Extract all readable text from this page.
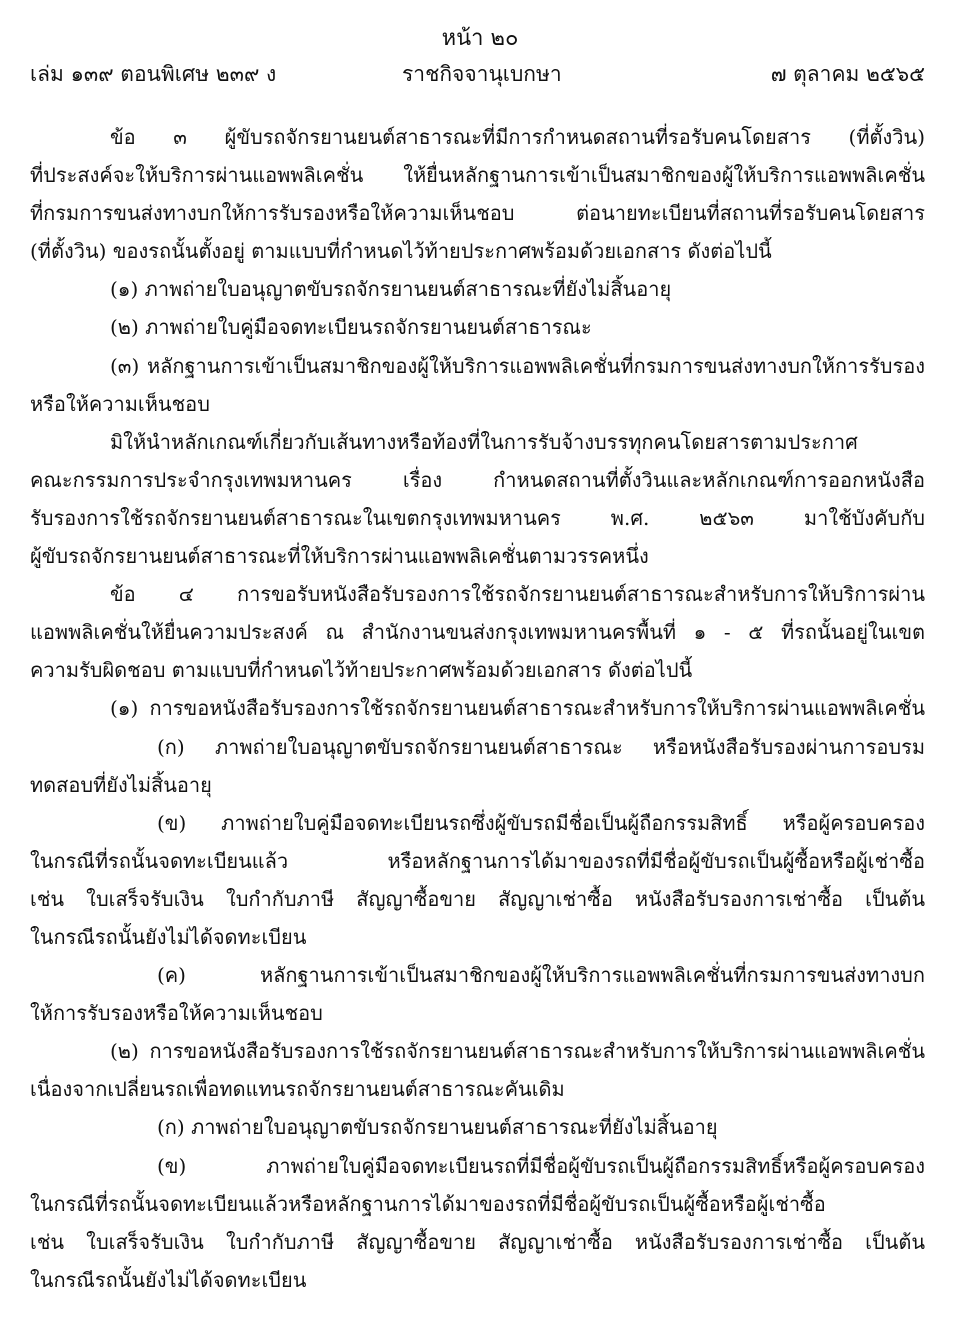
หน้า ๒๐
เล่ม ๑๓๙ ตอนพิเศษ ๒๓๙ ง	ราชกิจจานุเบกษา	๗ ตุลาคม ๒๕๖๕
ข้อ ๓ ผู้ขับรถจักรยานยนต์สาธารณะที่มีการกำหนดสถานที่รอรับคนโดยสาร (ที่ตั้งวิน)
ที่ประสงค์จะให้บริการผ่านแอพพลิเคชั่น ให้ยื่นหลักฐานการเข้าเป็นสมาชิกของผู้ให้บริการแอพพลิเคชั่น
ที่กรมการขนส่งทางบกให้การรับรองหรือให้ความเห็นชอบ ต่อนายทะเบียนที่สถานที่รอรับคนโดยสาร
(ที่ตั้งวิน) ของรถนั้นตั้งอยู่ ตามแบบที่กำหนดไว้ท้ายประกาศพร้อมด้วยเอกสาร ดังต่อไปนี้
(๑) ภาพถ่ายใบอนุญาตขับรถจักรยานยนต์สาธารณะที่ยังไม่สิ้นอายุ
(๒) ภาพถ่ายใบคู่มือจดทะเบียนรถจักรยานยนต์สาธารณะ
(๓) หลักฐานการเข้าเป็นสมาชิกของผู้ให้บริการแอพพลิเคชั่นที่กรมการขนส่งทางบกให้การรับรอง
หรือให้ความเห็นชอบ
มิให้นำหลักเกณฑ์เกี่ยวกับเส้นทางหรือท้องที่ในการรับจ้างบรรทุกคนโดยสารตามประกาศ
คณะกรรมการประจำกรุงเทพมหานคร เรื่อง กำหนดสถานที่ตั้งวินและหลักเกณฑ์การออกหนังสือ
รับรองการใช้รถจักรยานยนต์สาธารณะในเขตกรุงเทพมหานคร พ.ศ. ๒๕๖๓ มาใช้บังคับกับ
ผู้ขับรถจักรยานยนต์สาธารณะที่ให้บริการผ่านแอพพลิเคชั่นตามวรรคหนึ่ง
ข้อ ๔ การขอรับหนังสือรับรองการใช้รถจักรยานยนต์สาธารณะสำหรับการให้บริการผ่าน
แอพพลิเคชั่นให้ยื่นความประสงค์ ณ สำนักงานขนส่งกรุงเทพมหานครพื้นที่ ๑ - ๕ ที่รถนั้นอยู่ในเขต
ความรับผิดชอบ ตามแบบที่กำหนดไว้ท้ายประกาศพร้อมด้วยเอกสาร ดังต่อไปนี้
(๑) การขอหนังสือรับรองการใช้รถจักรยานยนต์สาธารณะสำหรับการให้บริการผ่านแอพพลิเคชั่น
(ก) ภาพถ่ายใบอนุญาตขับรถจักรยานยนต์สาธารณะ หรือหนังสือรับรองผ่านการอบรม
ทดสอบที่ยังไม่สิ้นอายุ
(ข) ภาพถ่ายใบคู่มือจดทะเบียนรถซึ่งผู้ขับรถมีชื่อเป็นผู้ถือกรรมสิทธิ์ หรือผู้ครอบครอง
ในกรณีที่รถนั้นจดทะเบียนแล้ว หรือหลักฐานการได้มาของรถที่มีชื่อผู้ขับรถเป็นผู้ซื้อหรือผู้เช่าซื้อ
เช่น ใบเสร็จรับเงิน ใบกำกับภาษี สัญญาซื้อขาย สัญญาเช่าซื้อ หนังสือรับรองการเช่าซื้อ เป็นต้น
ในกรณีรถนั้นยังไม่ได้จดทะเบียน
(ค) หลักฐานการเข้าเป็นสมาชิกของผู้ให้บริการแอพพลิเคชั่นที่กรมการขนส่งทางบก
ให้การรับรองหรือให้ความเห็นชอบ
(๒) การขอหนังสือรับรองการใช้รถจักรยานยนต์สาธารณะสำหรับการให้บริการผ่านแอพพลิเคชั่น
เนื่องจากเปลี่ยนรถเพื่อทดแทนรถจักรยานยนต์สาธารณะคันเดิม
(ก) ภาพถ่ายใบอนุญาตขับรถจักรยานยนต์สาธารณะที่ยังไม่สิ้นอายุ
(ข) ภาพถ่ายใบคู่มือจดทะเบียนรถที่มีชื่อผู้ขับรถเป็นผู้ถือกรรมสิทธิ์หรือผู้ครอบครอง
ในกรณีที่รถนั้นจดทะเบียนแล้วหรือหลักฐานการได้มาของรถที่มีชื่อผู้ขับรถเป็นผู้ซื้อหรือผู้เช่าซื้อ
เช่น ใบเสร็จรับเงิน ใบกำกับภาษี สัญญาซื้อขาย สัญญาเช่าซื้อ หนังสือรับรองการเช่าซื้อ เป็นต้น
ในกรณีรถนั้นยังไม่ได้จดทะเบียน
